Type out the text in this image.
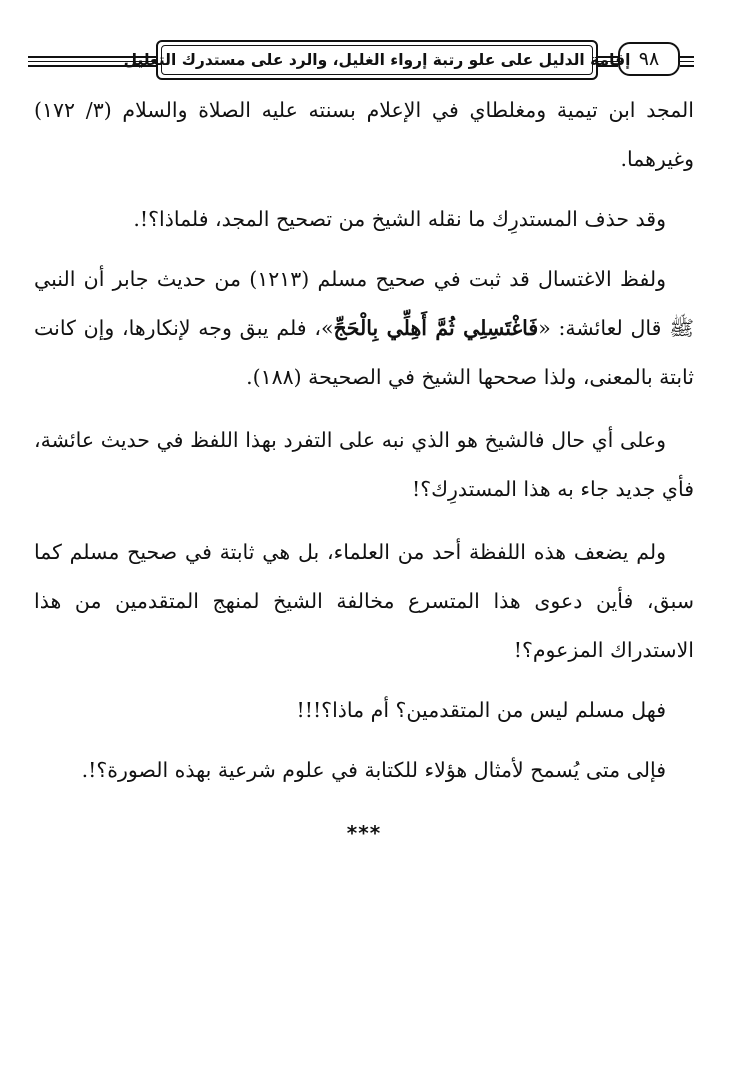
إقامة الدليل على علو رتبة إرواء الغليل، والرد على مستدرك التعليل ٩٨

المجد ابن تيمية ومغلطاي في الإعلام بسنته عليه الصلاة والسلام (٣/ ١٧٢) وغيرهما.

وقد حذف المستدرِك ما نقله الشيخ من تصحيح المجد، فلماذا؟!.

ولفظ الاغتسال قد ثبت في صحيح مسلم (١٢١٣) من حديث جابر أن النبي ﷺ قال لعائشة: «فَاغْتَسِلِي ثُمَّ أَهِلِّي بِالْحَجِّ»، فلم يبق وجه لإنكارها، وإن كانت ثابتة بالمعنى، ولذا صححها الشيخ في الصحيحة (١٨٨).

وعلى أي حال فالشيخ هو الذي نبه على التفرد بهذا اللفظ في حديث عائشة، فأي جديد جاء به هذا المستدرِك؟!

ولم يضعف هذه اللفظة أحد من العلماء، بل هي ثابتة في صحيح مسلم كما سبق، فأين دعوى هذا المتسرع مخالفة الشيخ لمنهج المتقدمين من هذا الاستدراك المزعوم؟!

فهل مسلم ليس من المتقدمين؟ أم ماذا؟!!!

فإلى متى يُسمح لأمثال هؤلاء للكتابة في علوم شرعية بهذه الصورة؟!.

***
